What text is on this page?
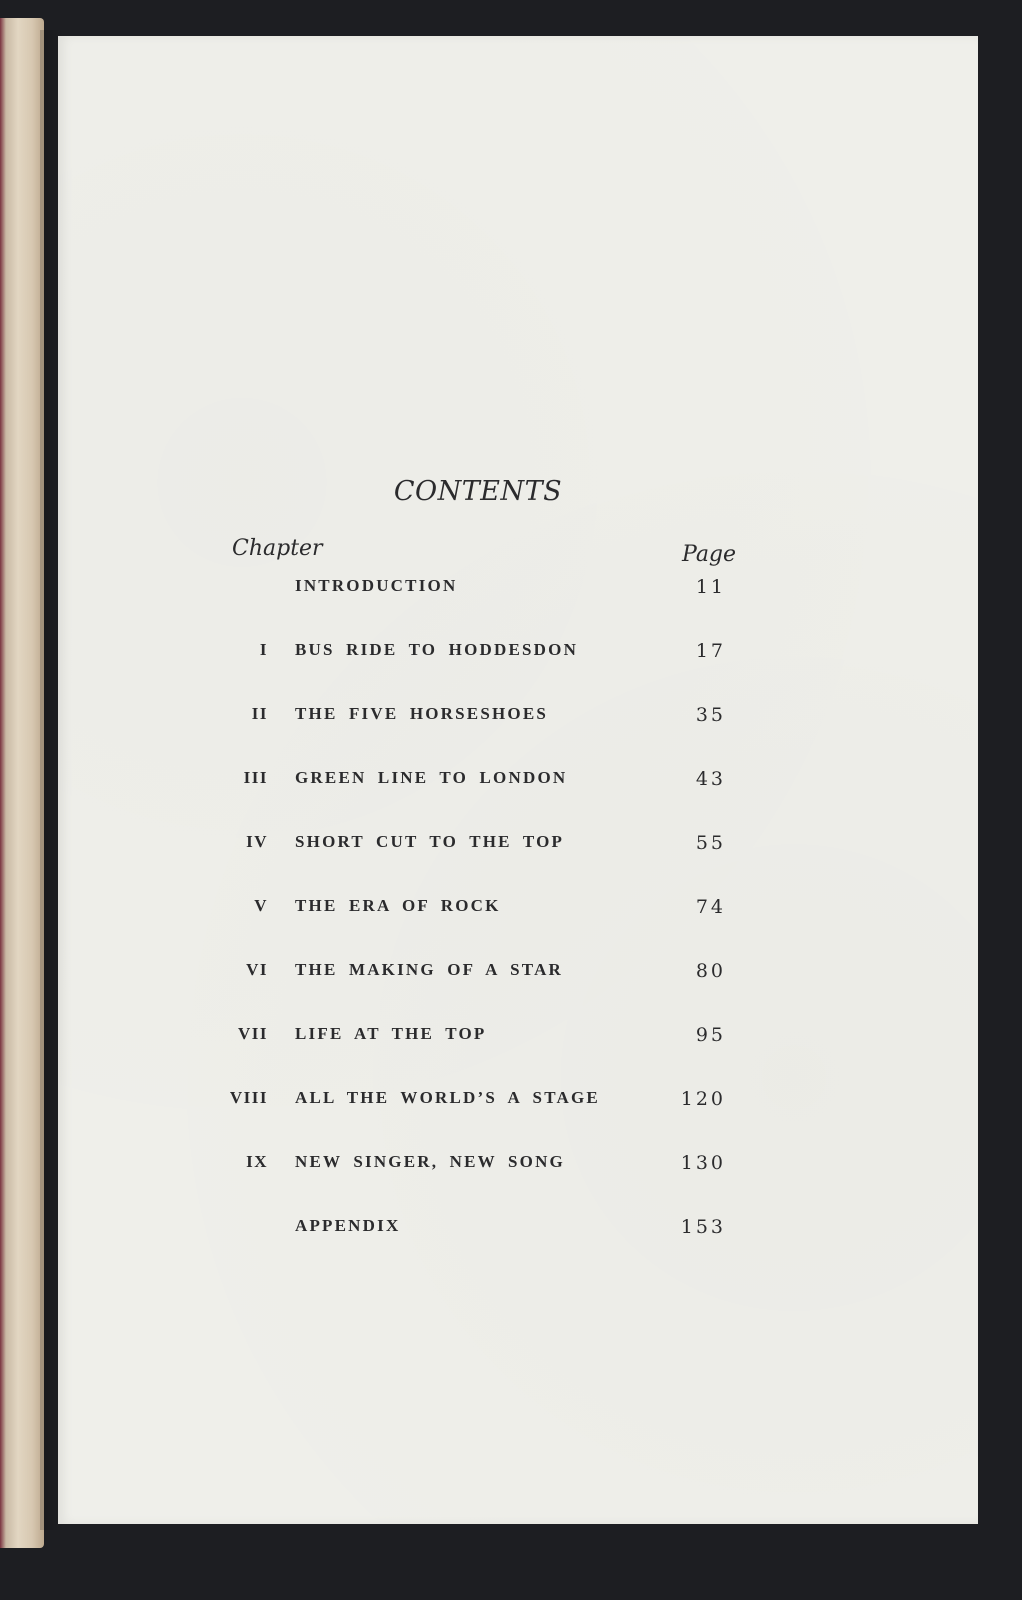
CONTENTS
Chapter	Page
INTRODUCTION	11
I BUS RIDE TO HODDESDON	17
II THE FIVE HORSESHOES	35
III GREEN LINE TO LONDON	43
IV SHORT CUT TO THE TOP	55
V THE ERA OF ROCK	74
VI THE MAKING OF A STAR	80
VII LIFE AT THE TOP	95
VIII ALL THE WORLD’S A STAGE	120
IX NEW SINGER, NEW SONG	130
APPENDIX	153
